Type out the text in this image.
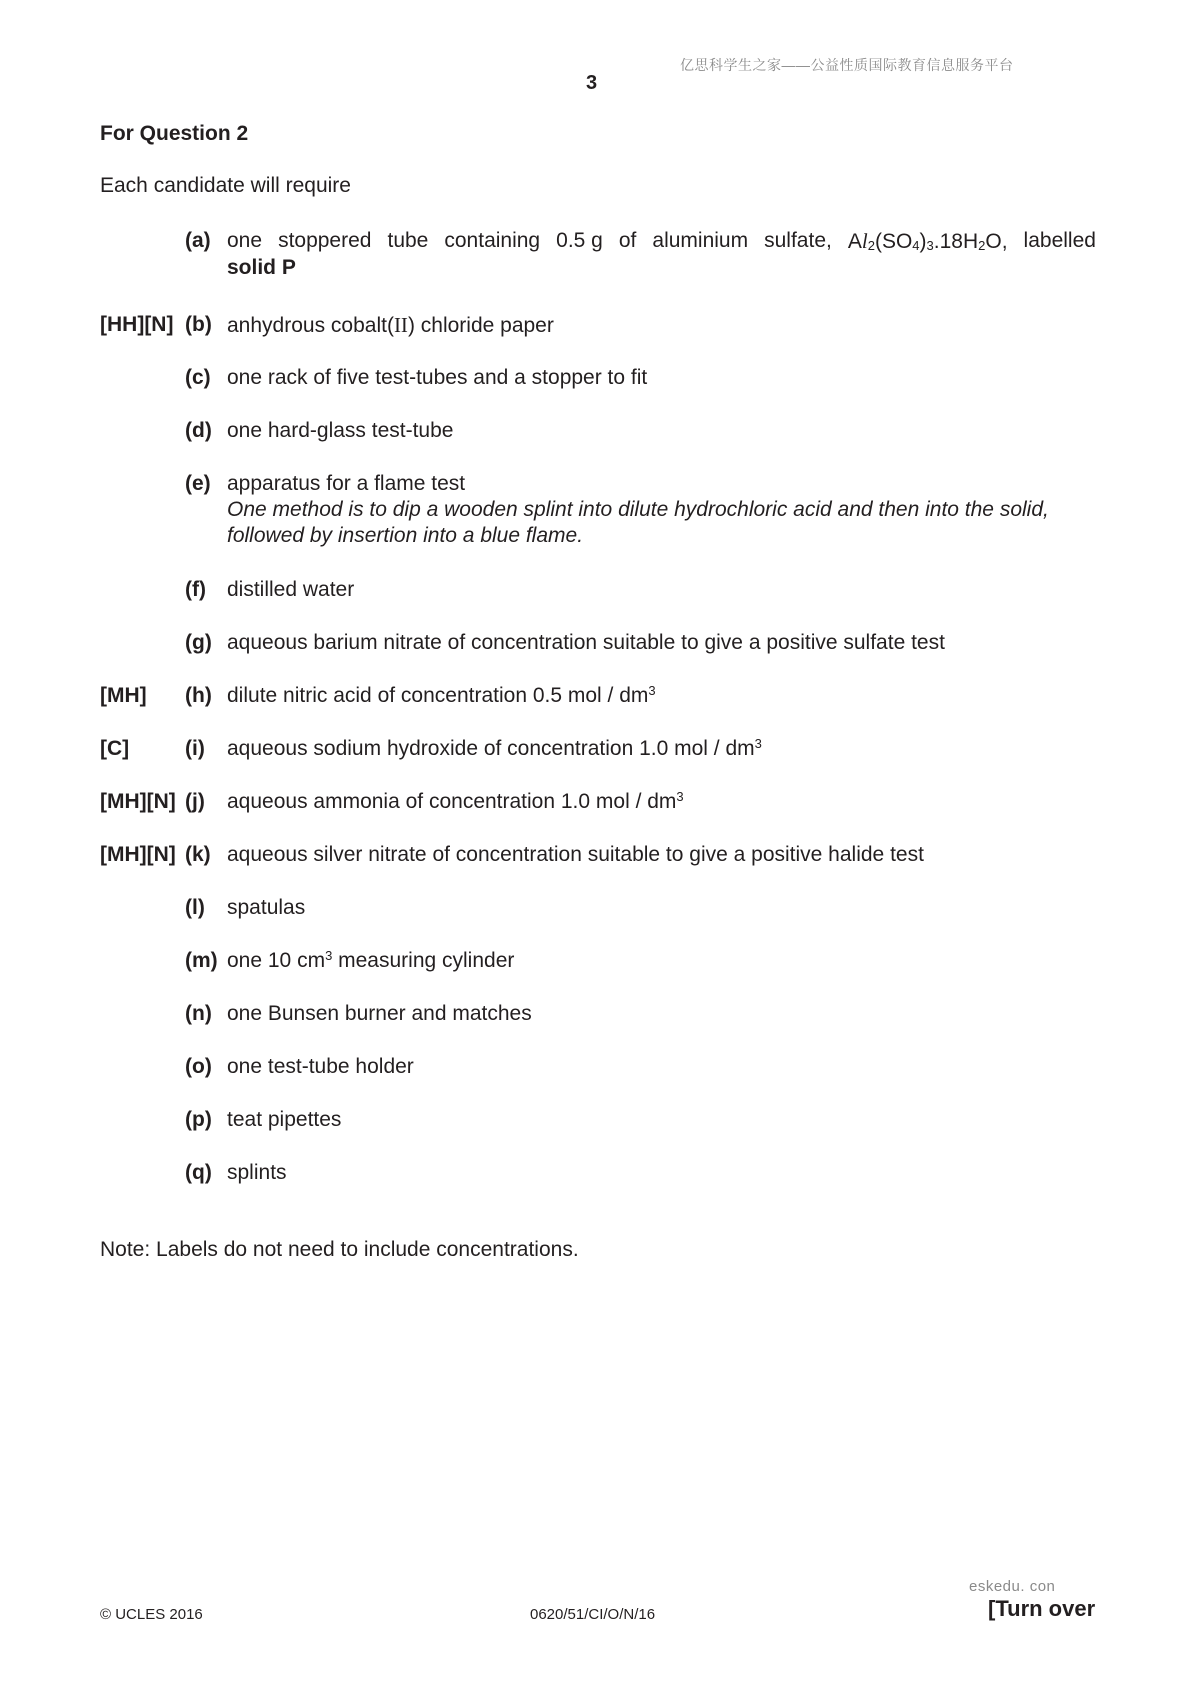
亿思科学生之家——公益性质国际教育信息服务平台
3
For Question 2
Each candidate will require
(a) one stoppered tube containing 0.5 g of aluminium sulfate, $Al_2(SO_4)_3.18H_2O$, labelled
solid P
[HH][N] (b) anhydrous cobalt(II) chloride paper
(c) one rack of five test-tubes and a stopper to fit
(d) one hard-glass test-tube
(e) apparatus for a flame test
One method is to dip a wooden splint into dilute hydrochloric acid and then into the solid, followed by insertion into a blue flame.
(f) distilled water
(g) aqueous barium nitrate of concentration suitable to give a positive sulfate test
[MH] (h) dilute nitric acid of concentration 0.5 mol / $dm^3$
[C]	(i) aqueous sodium hydroxide of concentration 1.0 mol / $dm^3$
[MH][N] (j) aqueous ammonia of concentration 1.0 mol / $dm^3$
[MH][N] (k) aqueous silver nitrate of concentration suitable to give a positive halide test
(l) spatulas
(m) one 10 $cm^3$ measuring cylinder
(n) one Bunsen burner and matches
(o) one test-tube holder
(p) teat pipettes
(q) splints
Note: Labels do not need to include concentrations.
eskedu. con
© UCLES 2016	0620/51/CI/O/N/16	[Turn over
